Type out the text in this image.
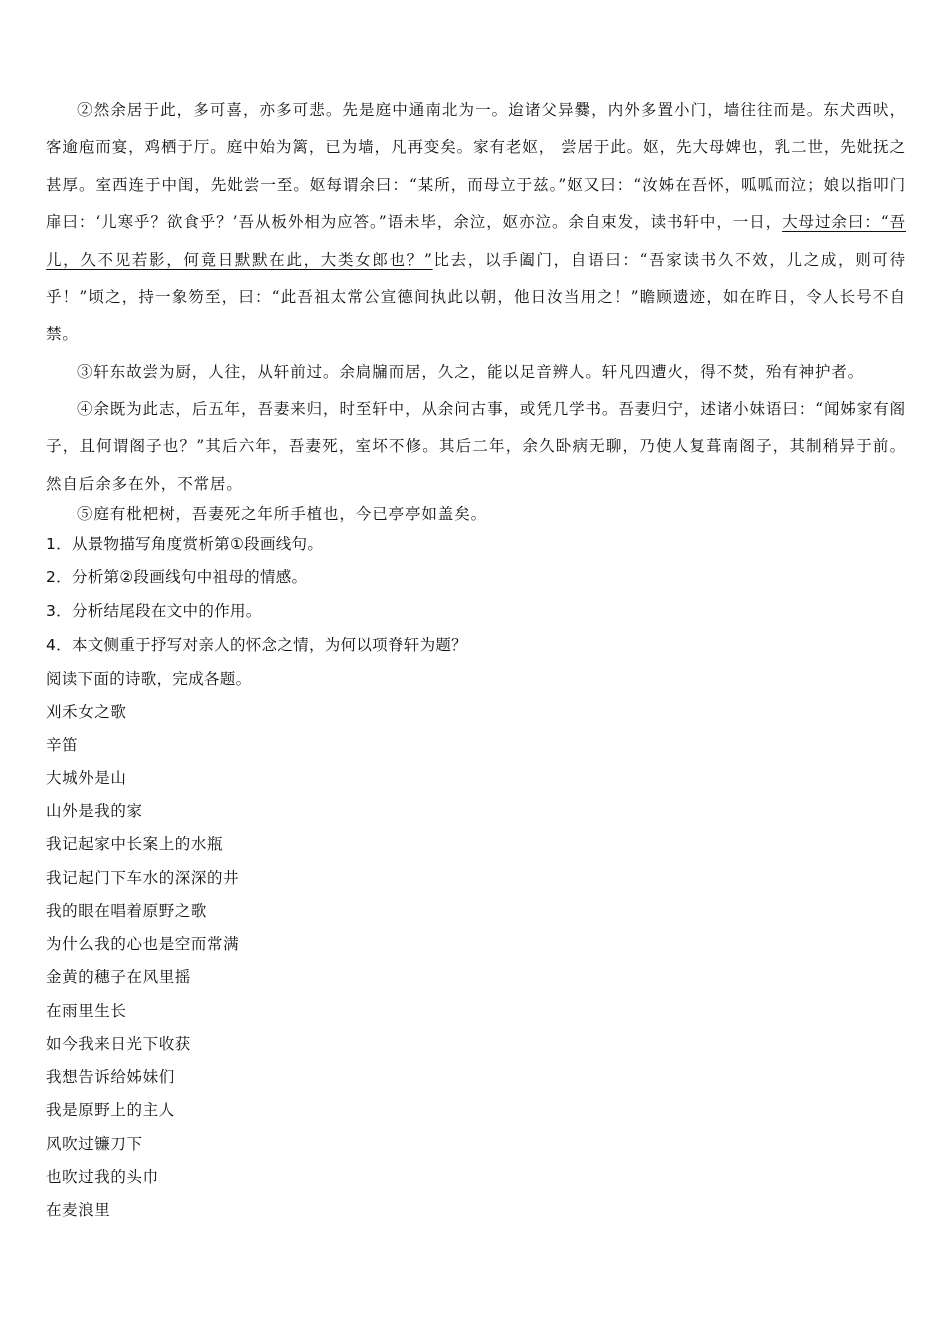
②然余居于此，多可喜，亦多可悲。先是庭中通南北为一。迨诸父异爨，内外多置小门，墙往往而是。东犬西吠，客逾庖而宴，鸡栖于厅。庭中始为篱，已为墙，凡再变矣。家有老妪， 尝居于此。妪，先大母婢也，乳二世，先妣抚之甚厚。室西连于中闺，先妣尝一至。妪每谓余曰：“某所，而母立于兹。”妪又曰：“汝姊在吾怀，呱呱而泣；娘以指叩门扉曰：‘儿寒乎？欲食乎？’吾从板外相为应答。”语未毕，余泣，妪亦泣。余自束发，读书轩中，一日，大母过余曰：“吾儿，久不见若影，何竟日默默在此，大类女郎也？”比去，以手阖门，自语曰：“吾家读书久不效，儿之成，则可待乎！”顷之，持一象笏至，曰：“此吾祖太常公宣德间执此以朝，他日汝当用之！”瞻顾遗迹，如在昨日，令人长号不自禁。

③轩东故尝为厨，人往，从轩前过。余扃牖而居，久之，能以足音辨人。轩凡四遭火，得不焚，殆有神护者。

④余既为此志，后五年，吾妻来归，时至轩中，从余问古事，或凭几学书。吾妻归宁，述诸小妹语曰：“闻姊家有阁子，且何谓阁子也？”其后六年，吾妻死，室坏不修。其后二年，余久卧病无聊，乃使人复葺南阁子，其制稍异于前。然自后余多在外，不常居。

⑤庭有枇杷树，吾妻死之年所手植也，今已亭亭如盖矣。

1．从景物描写角度赏析第①段画线句。

2．分析第②段画线句中祖母的情感。

3．分析结尾段在文中的作用。

4．本文侧重于抒写对亲人的怀念之情，为何以项脊轩为题？

阅读下面的诗歌，完成各题。

刈禾女之歌

辛笛

大城外是山

山外是我的家

我记起家中长案上的水瓶

我记起门下车水的深深的井

我的眼在唱着原野之歌

为什么我的心也是空而常满

金黄的穗子在风里摇

在雨里生长

如今我来日光下收获

我想告诉给姊妹们

我是原野上的主人

风吹过镰刀下

也吹过我的头巾

在麦浪里
